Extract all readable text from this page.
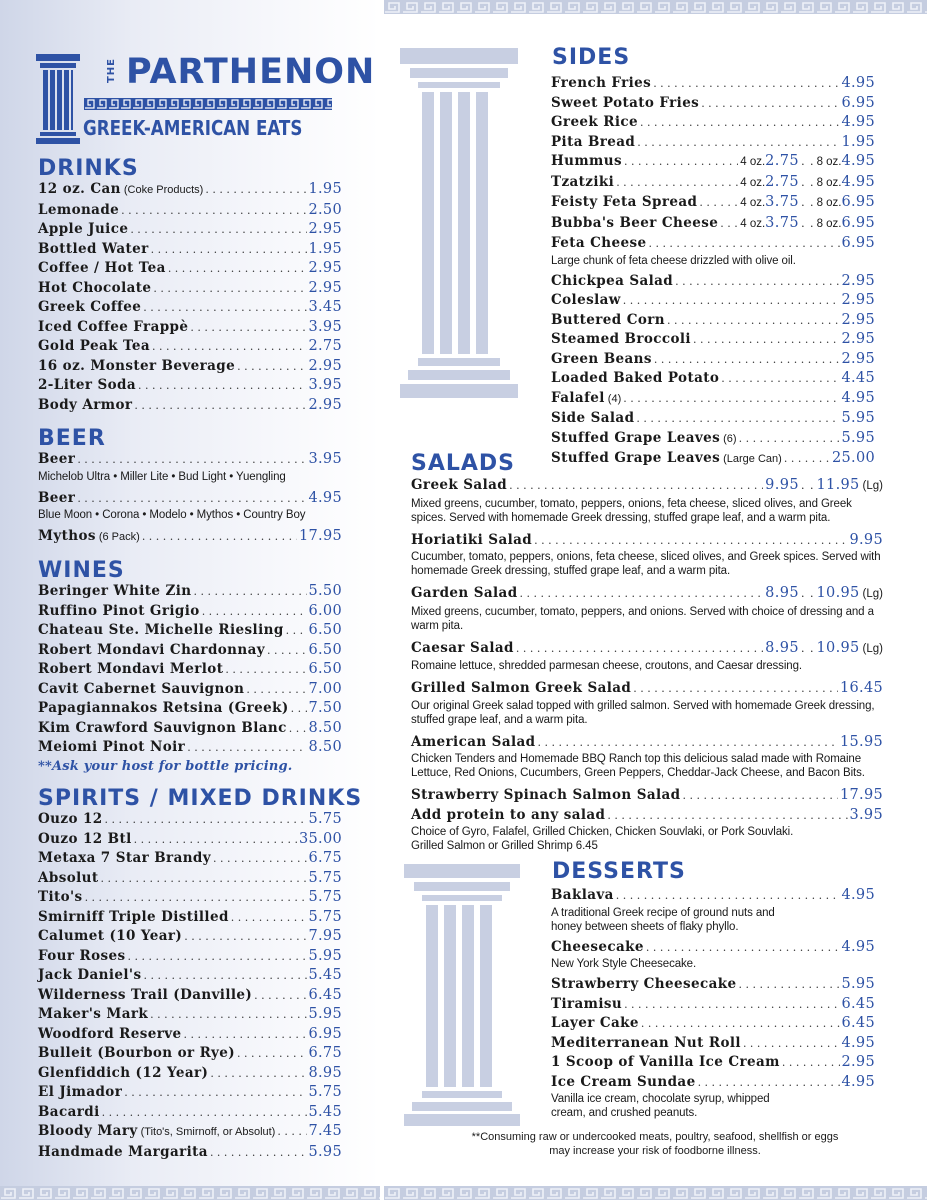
THE PARTHENON
GREEK-AMERICAN EATS
DRINKS
12 oz. Can (Coke Products) . . .	1.95
Lemonade . . .	2.50
Apple Juice . . .	2.95
Bottled Water . . .	1.95
Coffee / Hot Tea . . .	2.95
Hot Chocolate . . .	2.95
Greek Coffee . . .	3.45
Iced Coffee Frappè . . .	3.95
Gold Peak Tea . . .	2.75
16 oz. Monster Beverage . . .	2.95
2-Liter Soda . . .	3.95
Body Armor . . .	2.95
BEER
Beer . . .	3.95
Michelob Ultra • Miller Lite • Bud Light • Yuengling
Beer . . .	4.95
Blue Moon • Corona • Modelo • Mythos • Country Boy
Mythos (6 Pack) . . .	17.95
WINES
Beringer White Zin . . .	5.50
Ruffino Pinot Grigio . . .	6.00
Chateau Ste. Michelle Riesling . . . 6.50
Robert Mondavi Chardonnay . . .	6.50
Robert Mondavi Merlot . . .	6.50
Cavit Cabernet Sauvignon . . .	7.00
Papagiannakos Retsina (Greek) . . . 7.50
Kim Crawford Sauvignon Blanc . . . 8.50
Meiomi Pinot Noir . . .	8.50
**Ask your host for bottle pricing.
SPIRITS / MIXED DRINKS
Ouzo 12 . . .	5.75
Ouzo 12 Btl . . .	35.00
Metaxa 7 Star Brandy . . .	6.75
Absolut . . .	5.75
Tito's . . .	5.75
Smirniff Triple Distilled . . .	5.75
Calumet (10 Year) . . .	7.95
Four Roses . . .	5.95
Jack Daniel's . . .	5.45
Wilderness Trail (Danville) . . .	6.45
Maker's Mark . . .	5.95
Woodford Reserve . . .	6.95
Bulleit (Bourbon or Rye) . . .	6.75
Glenfiddich (12 Year) . . .	8.95
El Jimador . . .	5.75
Bacardi . . .	5.45
Bloody Mary (Tito's, Smirnoff, or Absolut) . . . 7.45
Handmade Margarita . . .	5.95
SIDES
French Fries . . .	4.95
Sweet Potato Fries . . .	6.95
Greek Rice . . .	4.95
Pita Bread . . .	1.95
Hummus . . .	4 oz. 2.75 . . 8 oz. 4.95
Tzatziki . . .	4 oz. 2.75 . . 8 oz. 4.95
Feisty Feta Spread . . .	4 oz. 3.75 . . 8 oz. 6.95
Bubba's Beer Cheese . . . 4 oz. 3.75 . . 8 oz. 6.95
Feta Cheese . . .	6.95
Large chunk of feta cheese drizzled with olive oil.
Chickpea Salad . . .	2.95
Coleslaw . . .	2.95
Buttered Corn . . .	2.95
Steamed Broccoli . . .	2.95
Green Beans . . .	2.95
Loaded Baked Potato . . .	4.45
Falafel (4) . . .	4.95
Side Salad . . .	5.95
Stuffed Grape Leaves (6) . . .	5.95
Stuffed Grape Leaves (Large Can) . . .	25.00
SALADS
Greek Salad . . .	9.95 . . 11.95 (Lg)
Mixed greens, cucumber, tomato, peppers, onions, feta cheese, sliced olives, and Greek spices. Served with homemade Greek dressing, stuffed grape leaf, and a warm pita.
Horiatiki Salad . . .	9.95
Cucumber, tomato, peppers, onions, feta cheese, sliced olives, and Greek spices. Served with homemade Greek dressing, stuffed grape leaf, and a warm pita.
Garden Salad . . .	8.95 . . 10.95 (Lg)
Mixed greens, cucumber, tomato, peppers, and onions. Served with choice of dressing and a warm pita.
Caesar Salad . . .	8.95 . . 10.95 (Lg)
Romaine lettuce, shredded parmesan cheese, croutons, and Caesar dressing.
Grilled Salmon Greek Salad . . .	16.45
Our original Greek salad topped with grilled salmon. Served with homemade Greek dressing, stuffed grape leaf, and a warm pita.
American Salad . . .	15.95
Chicken Tenders and Homemade BBQ Ranch top this delicious salad made with Romaine Lettuce, Red Onions, Cucumbers, Green Peppers, Cheddar-Jack Cheese, and Bacon Bits.
Strawberry Spinach Salmon Salad . . .	17.95
Add protein to any salad . . .	3.95
Choice of Gyro, Falafel, Grilled Chicken, Chicken Souvlaki, or Pork Souvlaki.
Grilled Salmon or Grilled Shrimp 6.45
DESSERTS
Baklava . . .	4.95
A traditional Greek recipe of ground nuts and honey between sheets of flaky phyllo.
Cheesecake . . .	4.95
New York Style Cheesecake.
Strawberry Cheesecake . . .	5.95
Tiramisu . . .	6.45
Layer Cake . . .	6.45
Mediterranean Nut Roll . . .	4.95
1 Scoop of Vanilla Ice Cream . . .	2.95
Ice Cream Sundae . . .	4.95
Vanilla ice cream, chocolate syrup, whipped cream, and crushed peanuts.
**Consuming raw or undercooked meats, poultry, seafood, shellfish or eggs
may increase your risk of foodborne illness.
